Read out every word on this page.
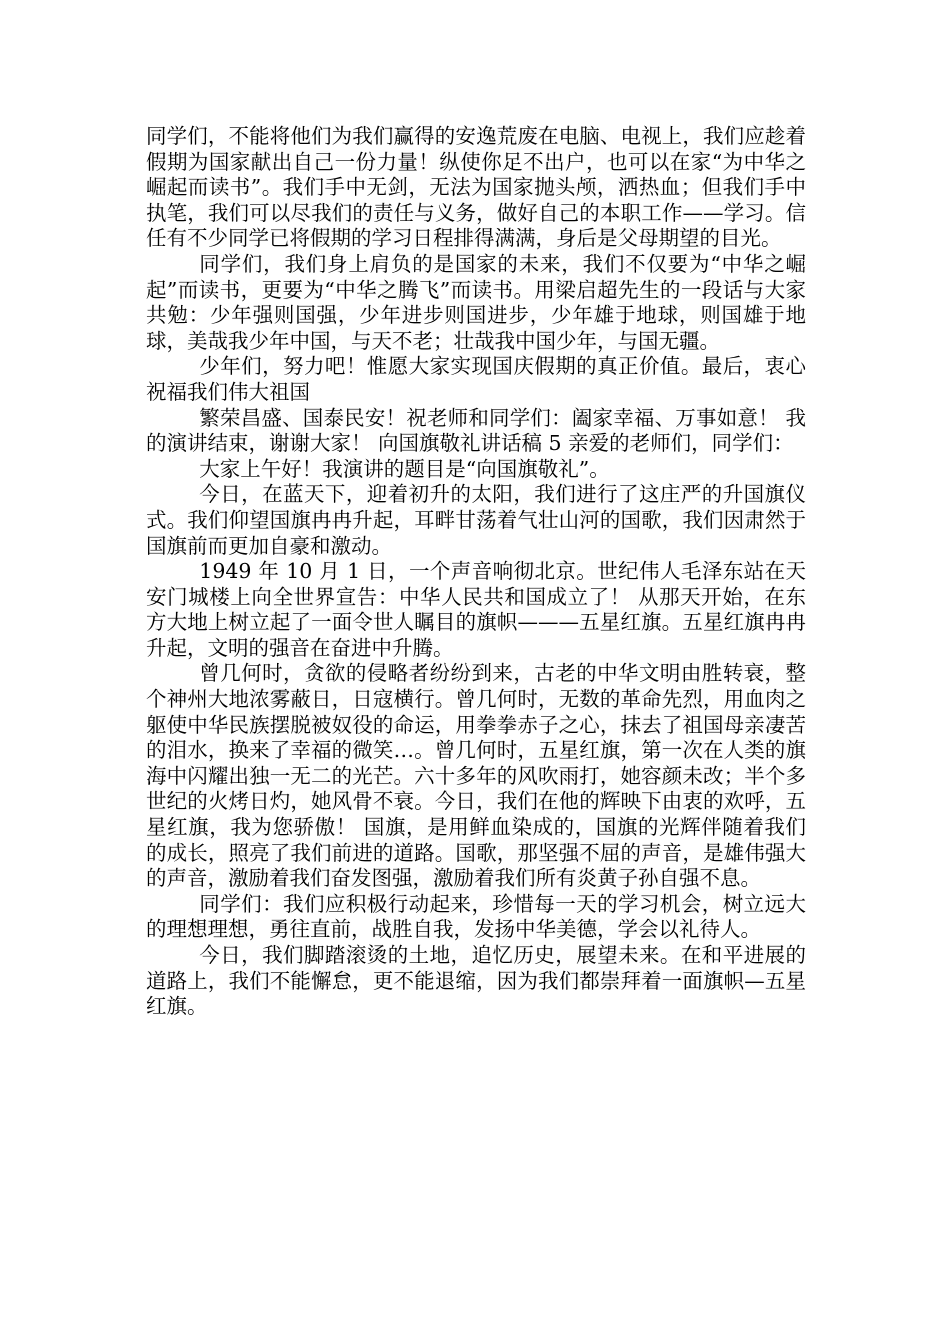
同学们，不能将他们为我们赢得的安逸荒废在电脑、电视上，我们应趁着假期为国家献出自己一份力量！纵使你足不出户，也可以在家“为中华之崛起而读书”。我们手中无剑，无法为国家抛头颅，洒热血；但我们手中执笔，我们可以尽我们的责任与义务，做好自己的本职工作——学习。信任有不少同学已将假期的学习日程排得满满，身后是父母期望的目光。

同学们，我们身上肩负的是国家的未来，我们不仅要为“中华之崛起”而读书，更要为“中华之腾飞”而读书。用梁启超先生的一段话与大家共勉：少年强则国强，少年进步则国进步，少年雄于地球，则国雄于地球，美哉我少年中国，与天不老；壮哉我中国少年，与国无疆。

少年们，努力吧！惟愿大家实现国庆假期的真正价值。最后，衷心祝福我们伟大祖国

繁荣昌盛、国泰民安！祝老师和同学们：阖家幸福、万事如意！ 我的演讲结束，谢谢大家！ 向国旗敬礼讲话稿 5 亲爱的老师们，同学们：

大家上午好！我演讲的题目是“向国旗敬礼”。

今日，在蓝天下，迎着初升的太阳，我们进行了这庄严的升国旗仪式。我们仰望国旗冉冉升起，耳畔甘荡着气壮山河的国歌，我们因肃然于国旗前而更加自豪和激动。

1949 年 10 月 1 日，一个声音响彻北京。世纪伟人毛泽东站在天安门城楼上向全世界宣告：中华人民共和国成立了！ 从那天开始，在东方大地上树立起了一面令世人瞩目的旗帜———五星红旗。五星红旗冉冉升起，文明的强音在奋进中升腾。

曾几何时，贪欲的侵略者纷纷到来，古老的中华文明由胜转衰，整个神州大地浓雾蔽日，日寇横行。曾几何时，无数的革命先烈，用血肉之躯使中华民族摆脱被奴役的命运，用拳拳赤子之心，抹去了祖国母亲凄苦的泪水，换来了幸福的微笑…。曾几何时，五星红旗，第一次在人类的旗海中闪耀出独一无二的光芒。六十多年的风吹雨打，她容颜未改；半个多世纪的火烤日灼，她风骨不衰。今日，我们在他的辉映下由衷的欢呼，五星红旗，我为您骄傲！ 国旗，是用鲜血染成的，国旗的光辉伴随着我们的成长，照亮了我们前进的道路。国歌，那坚强不屈的声音，是雄伟强大的声音，激励着我们奋发图强，激励着我们所有炎黄子孙自强不息。

同学们：我们应积极行动起来，珍惜每一天的学习机会，树立远大的理想理想，勇往直前，战胜自我，发扬中华美德，学会以礼待人。

今日，我们脚踏滚烫的土地，追忆历史，展望未来。在和平进展的道路上，我们不能懈怠，更不能退缩，因为我们都崇拜着一面旗帜—五星红旗。
